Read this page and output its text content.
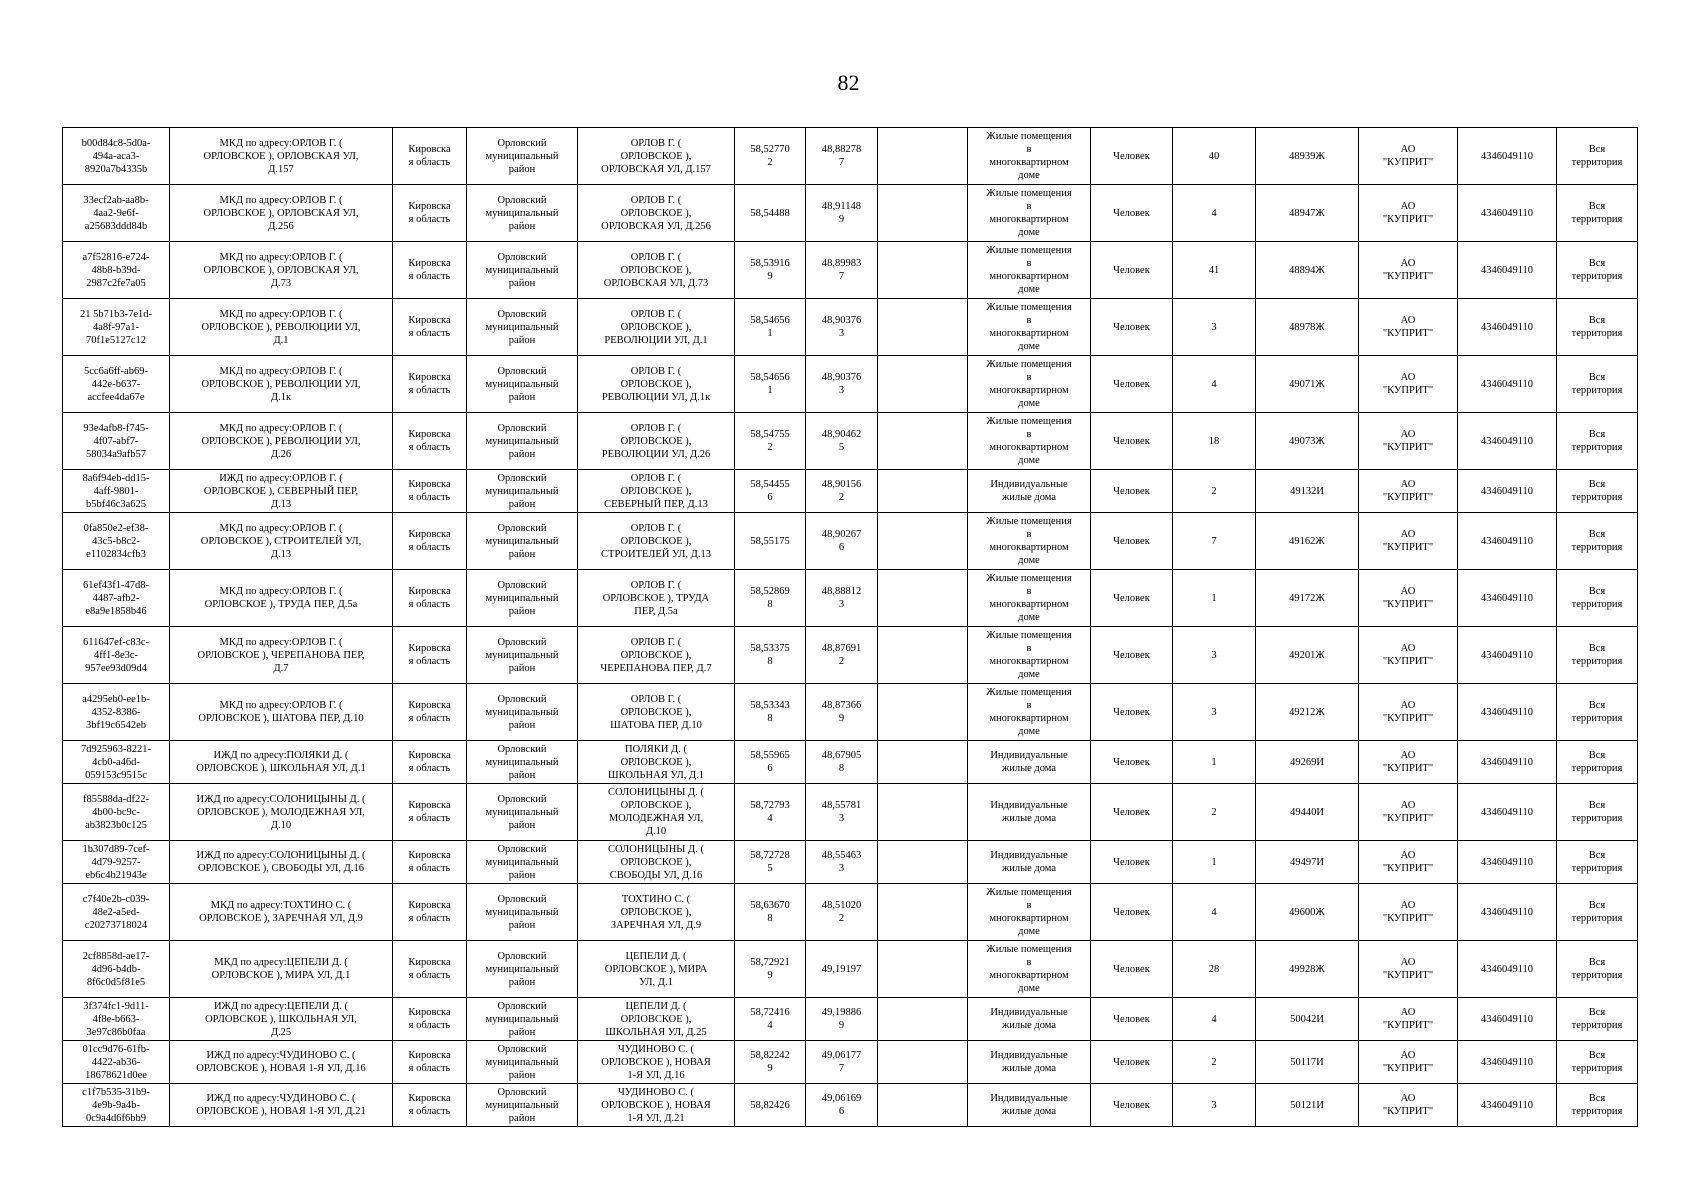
82
b00d84c8-5d0a-
494a-aca3-
8920a7b4335b	МКД по адресу:ОРЛОВ Г. (
ОРЛОВСКОЕ ), ОРЛОВСКАЯ УЛ,
Д.157	Кировска
я область	Орловский
муниципальный
район	ОРЛОВ Г. (
ОРЛОВСКОЕ ),
ОРЛОВСКАЯ УЛ, Д.157	58,52770
2	48,88278
7		Жилые помещения
в
многоквартирном
доме	Человек	40	48939Ж	АО
"КУПРИТ"	4346049110	Вся
территория
33ecf2ab-aa8b-
4aa2-9e6f-
a25683ddd84b	МКД по адресу:ОРЛОВ Г. (
ОРЛОВСКОЕ ), ОРЛОВСКАЯ УЛ,
Д.256	Кировска
я область	Орловский
муниципальный
район	ОРЛОВ Г. (
ОРЛОВСКОЕ ),
ОРЛОВСКАЯ УЛ, Д.256	58,54488	48,91148
9		Жилые помещения
в
многоквартирном
доме	Человек	4	48947Ж	АО
"КУПРИТ"	4346049110	Вся
территория
a7f52816-e724-
48b8-b39d-
2987c2fe7a05	МКД по адресу:ОРЛОВ Г. (
ОРЛОВСКОЕ ), ОРЛОВСКАЯ УЛ,
Д.73	Кировска
я область	Орловский
муниципальный
район	ОРЛОВ Г. (
ОРЛОВСКОЕ ),
ОРЛОВСКАЯ УЛ, Д.73	58,53916
9	48,89983
7		Жилые помещения
в
многоквартирном
доме	Человек	41	48894Ж	АО
"КУПРИТ"	4346049110	Вся
территория
21 5b71b3-7e1d-
4a8f-97a1-
70f1e5127c12	МКД по адресу:ОРЛОВ Г. (
ОРЛОВСКОЕ ), РЕВОЛЮЦИИ УЛ,
Д.1	Кировска
я область	Орловский
муниципальный
район	ОРЛОВ Г. (
ОРЛОВСКОЕ ),
РЕВОЛЮЦИИ УЛ, Д.1	58,54656
1	48,90376
3		Жилые помещения
в
многоквартирном
доме	Человек	3	48978Ж	АО
"КУПРИТ"	4346049110	Вся
территория
5cc6a6ff-ab69-
442e-b637-
accfee4da67e	МКД по адресу:ОРЛОВ Г. (
ОРЛОВСКОЕ ), РЕВОЛЮЦИИ УЛ,
Д.1к	Кировска
я область	Орловский
муниципальный
район	ОРЛОВ Г. (
ОРЛОВСКОЕ ),
РЕВОЛЮЦИИ УЛ, Д.1к	58,54656
1	48,90376
3		Жилые помещения
в
многоквартирном
доме	Человек	4	49071Ж	АО
"КУПРИТ"	4346049110	Вся
территория
93e4afb8-f745-
4f07-abf7-
58034a9afb57	МКД по адресу:ОРЛОВ Г. (
ОРЛОВСКОЕ ), РЕВОЛЮЦИИ УЛ,
Д.26	Кировска
я область	Орловский
муниципальный
район	ОРЛОВ Г. (
ОРЛОВСКОЕ ),
РЕВОЛЮЦИИ УЛ, Д.26	58,54755
2	48,90462
5		Жилые помещения
в
многоквартирном
доме	Человек	18	49073Ж	АО
"КУПРИТ"	4346049110	Вся
территория
8a6f94eb-dd15-
4aff-9801-
b5bf46c3a625	ИЖД по адресу:ОРЛОВ Г. (
ОРЛОВСКОЕ ), СЕВЕРНЫЙ ПЕР,
Д.13	Кировска
я область	Орловский
муниципальный
район	ОРЛОВ Г. (
ОРЛОВСКОЕ ),
СЕВЕРНЫЙ ПЕР, Д.13	58,54455
6	48,90156
2		Индивидуальные
жилые дома	Человек	2	49132И	АО
"КУПРИТ"	4346049110	Вся
территория
0fa850e2-ef38-
43c5-b8c2-
e1102834cfb3	МКД по адресу:ОРЛОВ Г. (
ОРЛОВСКОЕ ), СТРОИТЕЛЕЙ УЛ,
Д.13	Кировска
я область	Орловский
муниципальный
район	ОРЛОВ Г. (
ОРЛОВСКОЕ ),
СТРОИТЕЛЕЙ УЛ, Д.13	58,55175	48,90267
6		Жилые помещения
в
многоквартирном
доме	Человек	7	49162Ж	АО
"КУПРИТ"	4346049110	Вся
территория
61ef43f1-47d8-
4487-afb2-
e8a9e1858b46	МКД по адресу:ОРЛОВ Г. (
ОРЛОВСКОЕ ), ТРУДА ПЕР, Д.5а	Кировска
я область	Орловский
муниципальный
район	ОРЛОВ Г. (
ОРЛОВСКОЕ ), ТРУДА
ПЕР, Д.5а	58,52869
8	48,88812
3		Жилые помещения
в
многоквартирном
доме	Человек	1	49172Ж	АО
"КУПРИТ"	4346049110	Вся
территория
611647ef-c83c-
4ff1-8e3c-
957ee93d09d4	МКД по адресу:ОРЛОВ Г. (
ОРЛОВСКОЕ ), ЧЕРЕПАНОВА ПЕР,
Д.7	Кировска
я область	Орловский
муниципальный
район	ОРЛОВ Г. (
ОРЛОВСКОЕ ),
ЧЕРЕПАНОВА ПЕР, Д.7	58,53375
8	48,87691
2		Жилые помещения
в
многоквартирном
доме	Человек	3	49201Ж	АО
"КУПРИТ"	4346049110	Вся
территория
a4295eb0-ee1b-
4352-8386-
3bf19c6542eb	МКД по адресу:ОРЛОВ Г. (
ОРЛОВСКОЕ ), ШАТОВА ПЕР, Д.10	Кировска
я область	Орловский
муниципальный
район	ОРЛОВ Г. (
ОРЛОВСКОЕ ),
ШАТОВА ПЕР, Д.10	58,53343
8	48,87366
9		Жилые помещения
в
многоквартирном
доме	Человек	3	49212Ж	АО
"КУПРИТ"	4346049110	Вся
территория
7d925963-8221-
4cb0-a46d-
059153c9515c	ИЖД по адресу:ПОЛЯКИ Д. (
ОРЛОВСКОЕ ), ШКОЛЬНАЯ УЛ, Д.1	Кировска
я область	Орловский
муниципальный
район	ПОЛЯКИ Д. (
ОРЛОВСКОЕ ),
ШКОЛЬНАЯ УЛ, Д.1	58,55965
6	48,67905
8		Индивидуальные
жилые дома	Человек	1	49269И	АО
"КУПРИТ"	4346049110	Вся
территория
f85588da-df22-
4b00-bc9c-
ab3823b0c125	ИЖД по адресу:СОЛОНИЦЫНЫ Д. (
ОРЛОВСКОЕ ), МОЛОДЕЖНАЯ УЛ,
Д.10	Кировска
я область	Орловский
муниципальный
район	СОЛОНИЦЫНЫ Д. (
ОРЛОВСКОЕ ),
МОЛОДЕЖНАЯ УЛ,
Д.10	58,72793
4	48,55781
3		Индивидуальные
жилые дома	Человек	2	49440И	АО
"КУПРИТ"	4346049110	Вся
территория
1b307d89-7cef-
4d79-9257-
eb6c4b21943e	ИЖД по адресу:СОЛОНИЦЫНЫ Д. (
ОРЛОВСКОЕ ), СВОБОДЫ УЛ, Д.16	Кировска
я область	Орловский
муниципальный
район	СОЛОНИЦЫНЫ Д. (
ОРЛОВСКОЕ ),
СВОБОДЫ УЛ, Д.16	58,72728
5	48,55463
3		Индивидуальные
жилые дома	Человек	1	49497И	АО
"КУПРИТ"	4346049110	Вся
территория
c7f40e2b-c039-
48e2-a5ed-
c20273718024	МКД по адресу:ТОХТИНО С. (
ОРЛОВСКОЕ ), ЗАРЕЧНАЯ УЛ, Д.9	Кировска
я область	Орловский
муниципальный
район	ТОХТИНО С. (
ОРЛОВСКОЕ ),
ЗАРЕЧНАЯ УЛ, Д.9	58,63670
8	48,51020
2		Жилые помещения
в
многоквартирном
доме	Человек	4	49600Ж	АО
"КУПРИТ"	4346049110	Вся
территория
2cf8858d-ae17-
4d96-b4db-
8f6c0d5f81e5	МКД по адресу:ЦЕПЕЛИ Д. (
ОРЛОВСКОЕ ), МИРА УЛ, Д.1	Кировска
я область	Орловский
муниципальный
район	ЦЕПЕЛИ Д. (
ОРЛОВСКОЕ ), МИРА
УЛ, Д.1	58,72921
9	49,19197		Жилые помещения
в
многоквартирном
доме	Человек	28	49928Ж	АО
"КУПРИТ"	4346049110	Вся
территория
3f374fc1-9d11-
4f8e-b663-
3e97c86b0faa	ИЖД по адресу:ЦЕПЕЛИ Д. (
ОРЛОВСКОЕ ), ШКОЛЬНАЯ УЛ,
Д.25	Кировска
я область	Орловский
муниципальный
район	ЦЕПЕЛИ Д. (
ОРЛОВСКОЕ ),
ШКОЛЬНАЯ УЛ, Д.25	58,72416
4	49,19886
9		Индивидуальные
жилые дома	Человек	4	50042И	АО
"КУПРИТ"	4346049110	Вся
территория
01cc9d76-61fb-
4422-ab36-
18678621d0ee	ИЖД по адресу:ЧУДИНОВО С. (
ОРЛОВСКОЕ ), НОВАЯ 1-Я УЛ, Д.16	Кировска
я область	Орловский
муниципальный
район	ЧУДИНОВО С. (
ОРЛОВСКОЕ ), НОВАЯ
1-Я УЛ, Д.16	58,82242
9	49,06177
7		Индивидуальные
жилые дома	Человек	2	50117И	АО
"КУПРИТ"	4346049110	Вся
территория
c1f7b535-31b9-
4e9b-9a4b-
0c9a4d6f6bb9	ИЖД по адресу:ЧУДИНОВО С. (
ОРЛОВСКОЕ ), НОВАЯ 1-Я УЛ, Д.21	Кировска
я область	Орловский
муниципальный
район	ЧУДИНОВО С. (
ОРЛОВСКОЕ ), НОВАЯ
1-Я УЛ, Д.21	58,82426	49,06169
6		Индивидуальные
жилые дома	Человек	3	50121И	АО
"КУПРИТ"	4346049110	Вся
территория
